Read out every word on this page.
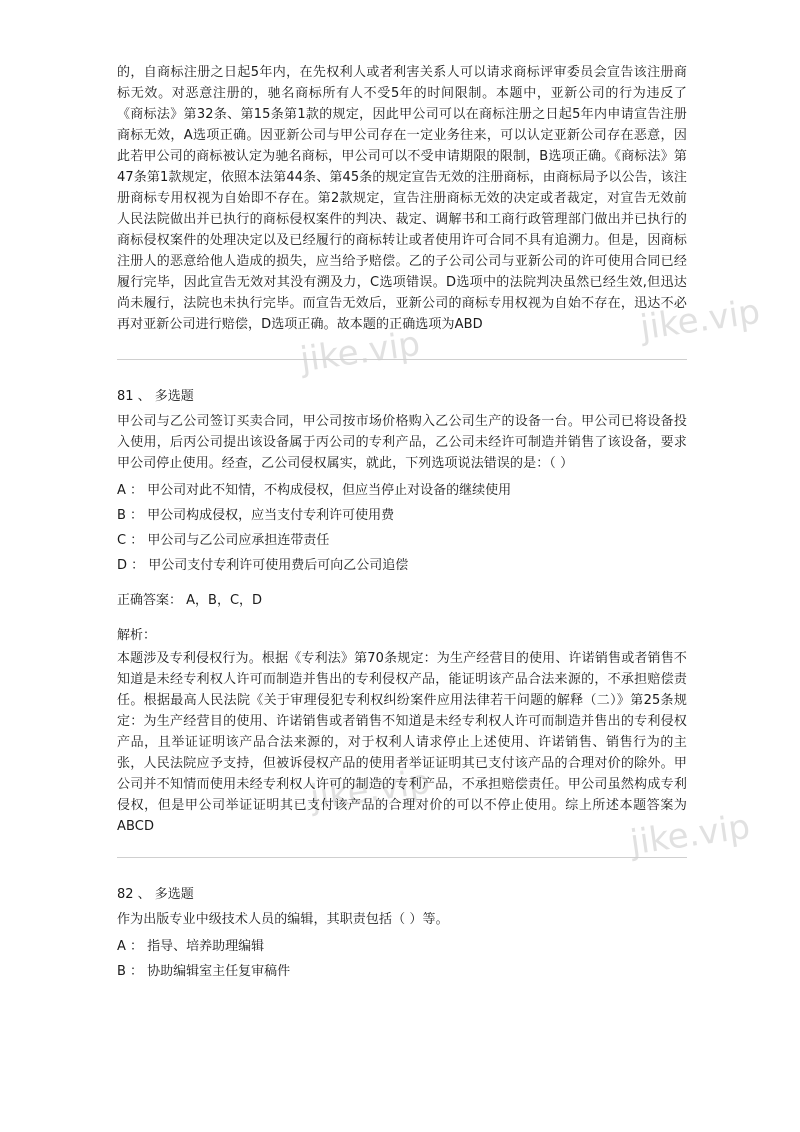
jike.vip
jike.vip
jike.vip
jike.vip

的，自商标注册之日起5年内，在先权利人或者利害关系人可以请求商标评审委员会宣告该注册商标无效。对恶意注册的，驰名商标所有人不受5年的时间限制。本题中，亚新公司的行为违反了《商标法》第32条、第15条第1款的规定，因此甲公司可以在商标注册之日起5年内申请宣告注册商标无效，A选项正确。因亚新公司与甲公司存在一定业务往来，可以认定亚新公司存在恶意，因此若甲公司的商标被认定为驰名商标，甲公司可以不受申请期限的限制，B选项正确。《商标法》第47条第1款规定，依照本法第44条、第45条的规定宣告无效的注册商标，由商标局予以公告，该注册商标专用权视为自始即不存在。第2款规定，宣告注册商标无效的决定或者裁定，对宣告无效前人民法院做出并已执行的商标侵权案件的判决、裁定、调解书和工商行政管理部门做出并已执行的商标侵权案件的处理决定以及已经履行的商标转让或者使用许可合同不具有追溯力。但是，因商标注册人的恶意给他人造成的损失，应当给予赔偿。乙的子公司公司与亚新公司的许可使用合同已经履行完毕，因此宣告无效对其没有溯及力，C选项错误。D选项中的法院判决虽然已经生效,但迅达尚未履行，法院也未执行完毕。而宣告无效后，亚新公司的商标专用权视为自始不存在，迅达不必再对亚新公司进行赔偿，D选项正确。故本题的正确选项为ABD

81 、 多选题

甲公司与乙公司签订买卖合同，甲公司按市场价格购入乙公司生产的设备一台。甲公司已将设备投入使用，后丙公司提出该设备属于丙公司的专利产品，乙公司未经许可制造并销售了该设备，要求甲公司停止使用。经查，乙公司侵权属实，就此，下列选项说法错误的是：（ ）

A ： 甲公司对此不知情，不构成侵权，但应当停止对设备的继续使用

B ： 甲公司构成侵权，应当支付专利许可使用费

C ： 甲公司与乙公司应承担连带责任

D ： 甲公司支付专利许可使用费后可向乙公司追偿

正确答案： A，B，C，D

解析：

本题涉及专利侵权行为。根据《专利法》第70条规定：为生产经营目的使用、许诺销售或者销售不知道是未经专利权人许可而制造并售出的专利侵权产品，能证明该产品合法来源的，不承担赔偿责任。根据最高人民法院《关于审理侵犯专利权纠纷案件应用法律若干问题的解释（二）》第25条规定：为生产经营目的使用、许诺销售或者销售不知道是未经专利权人许可而制造并售出的专利侵权产品，且举证证明该产品合法来源的，对于权利人请求停止上述使用、许诺销售、销售行为的主张，人民法院应予支持，但被诉侵权产品的使用者举证证明其已支付该产品的合理对价的除外。甲公司并不知情而使用未经专利权人许可的制造的专利产品，不承担赔偿责任。甲公司虽然构成专利侵权，但是甲公司举证证明其已支付该产品的合理对价的可以不停止使用。综上所述本题答案为ABCD

82 、 多选题

作为出版专业中级技术人员的编辑，其职责包括（ ）等。

A ： 指导、培养助理编辑

B ： 协助编辑室主任复审稿件
